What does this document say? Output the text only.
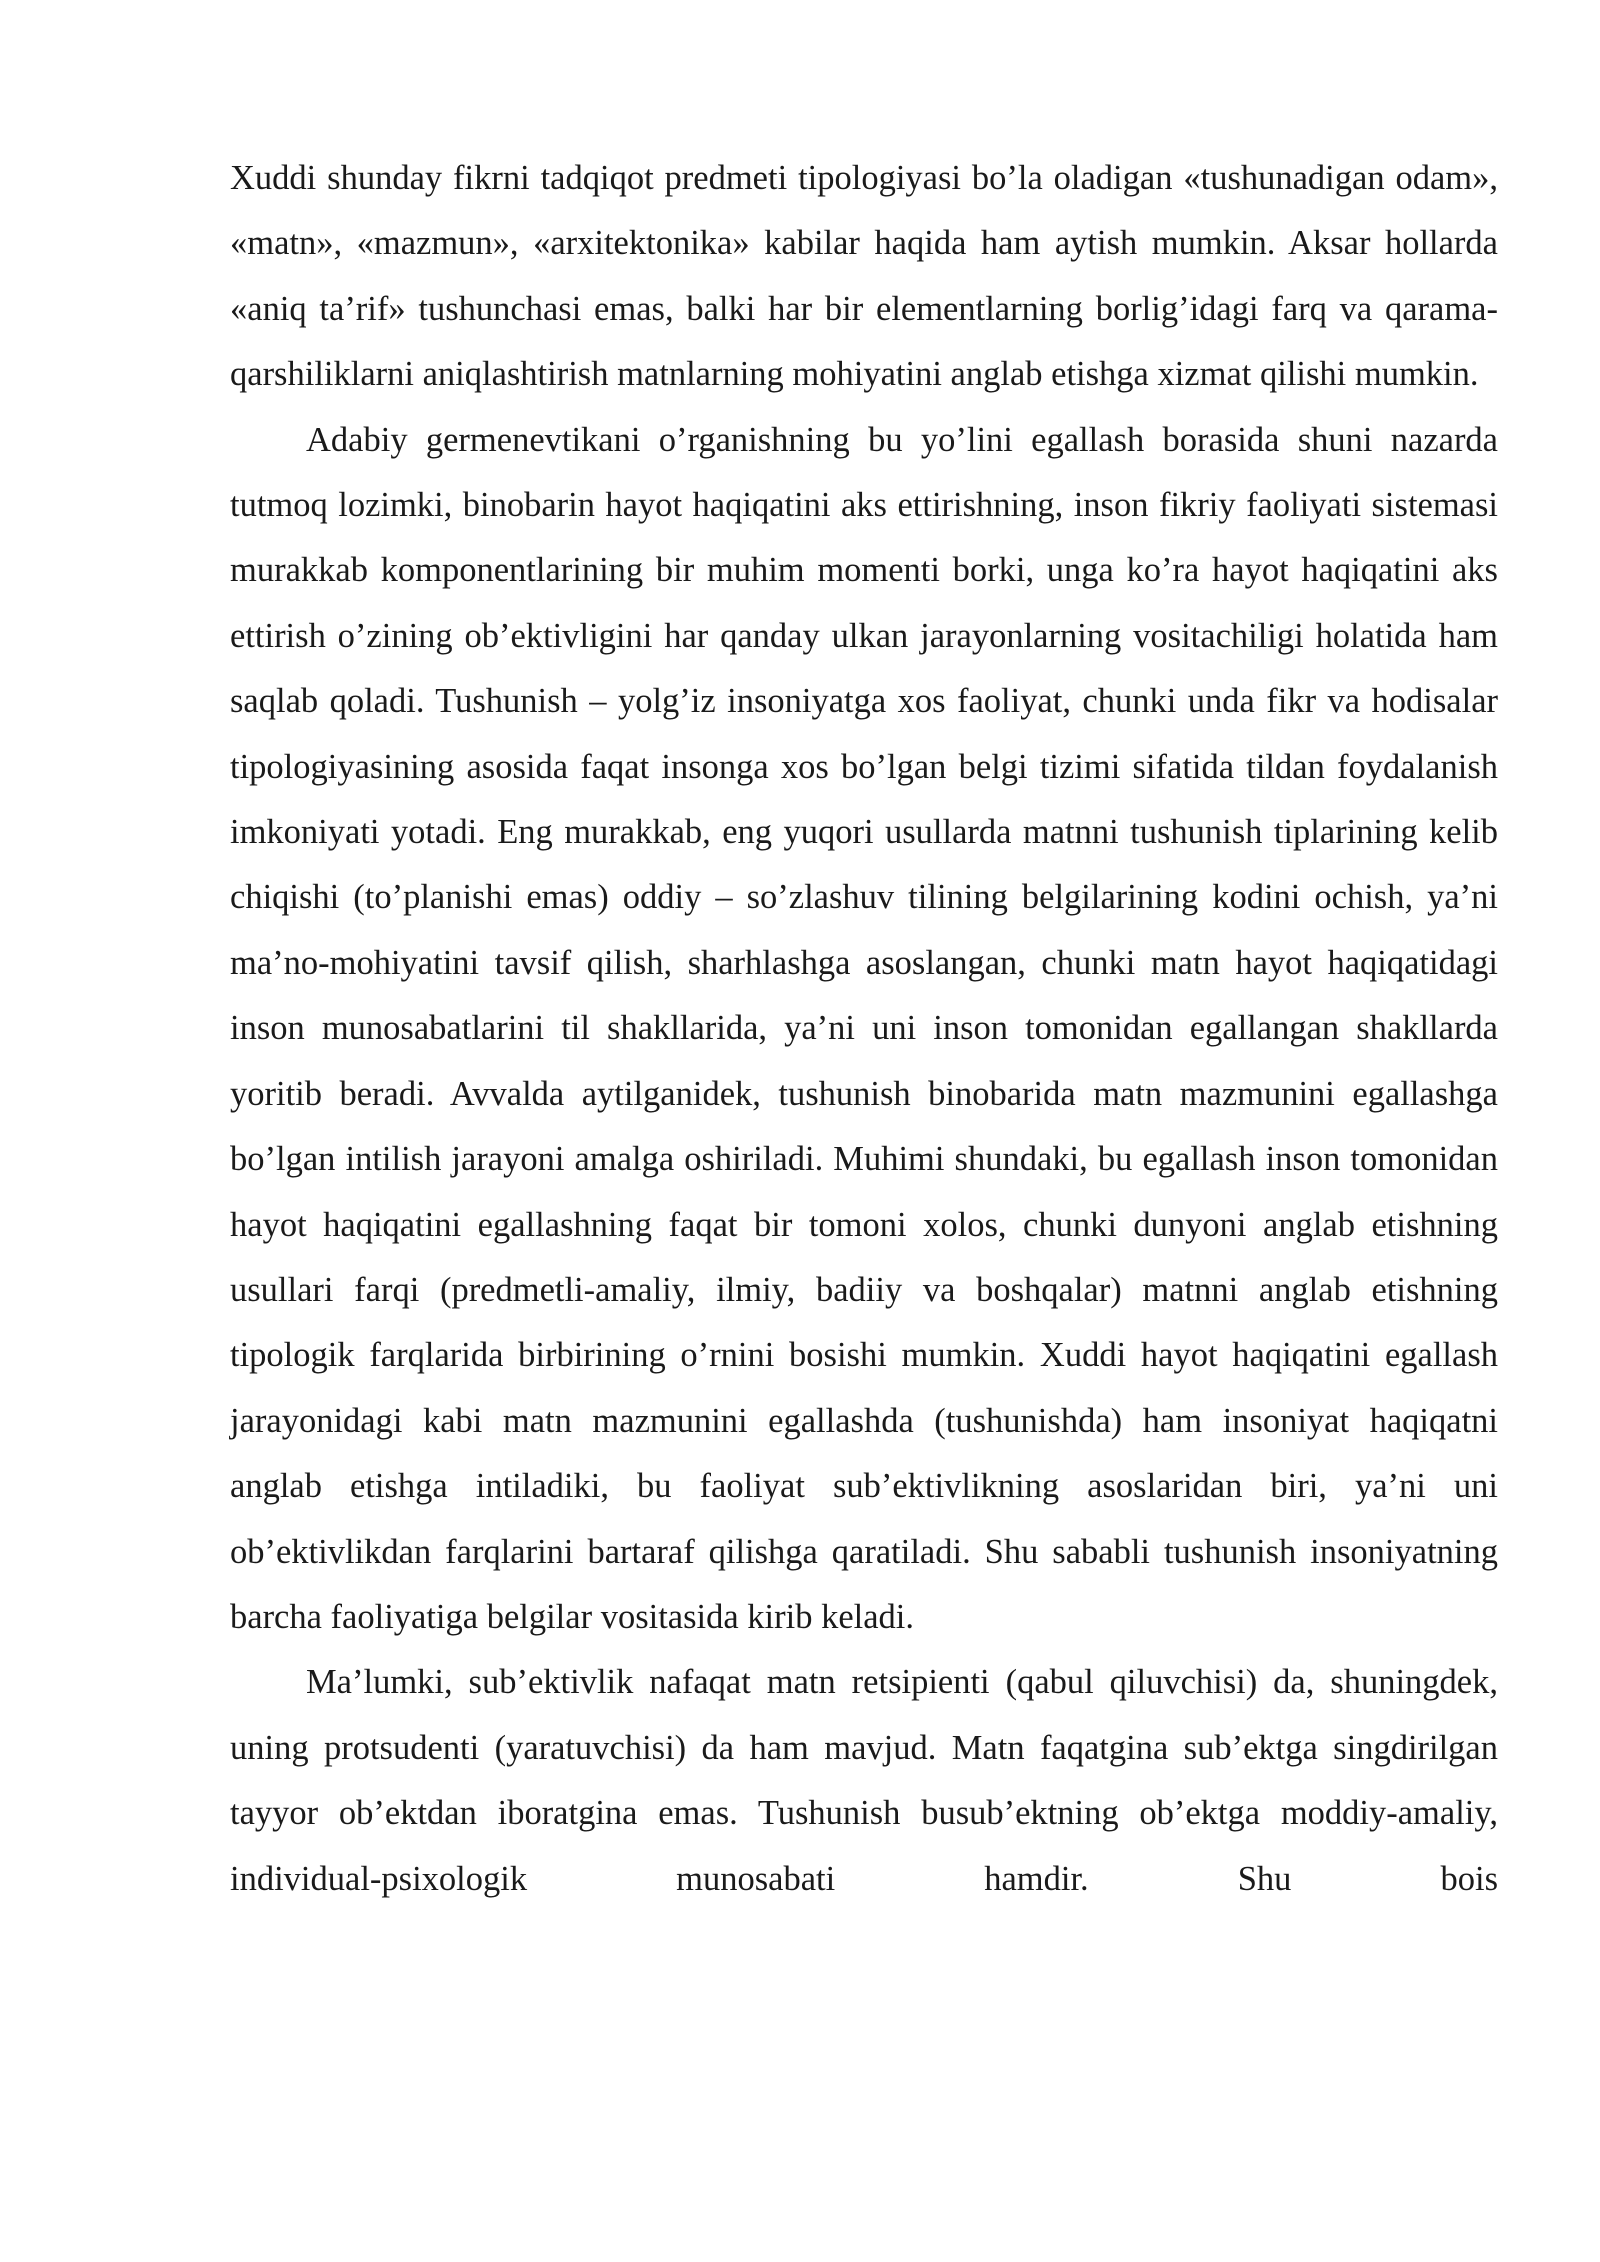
Xuddi shunday fikrni tadqiqot predmeti tipologiyasi bo’la oladigan «tushunadigan odam», «matn», «mazmun», «arxitektonika» kabilar haqida ham aytish mumkin. Aksar hollarda «aniq ta’rif» tushunchasi emas, balki har bir elementlarning borlig’idagi farq va qarama-qarshiliklarni aniqlashtirish matnlarning mohiyatini anglab etishga xizmat qilishi mumkin.

Adabiy germenevtikani o’rganishning bu yo’lini egallash borasida shuni nazarda tutmoq lozimki, binobarin hayot haqiqatini aks ettirishning, inson fikriy faoliyati sistemasi murakkab komponentlarining bir muhim momenti borki, unga ko’ra hayot haqiqatini aks ettirish o’zining ob’ektivligini har qanday ulkan jarayonlarning vositachiligi holatida ham saqlab qoladi. Tushunish – yolg’iz insoniyatga xos faoliyat, chunki unda fikr va hodisalar tipologiyasining asosida faqat insonga xos bo’lgan belgi tizimi sifatida tildan foydalanish imkoniyati yotadi. Eng murakkab, eng yuqori usullarda matnni tushunish tiplarining kelib chiqishi (to’planishi emas) oddiy – so’zlashuv tilining belgilarining kodini ochish, ya’ni ma’no-mohiyatini tavsif qilish, sharhlashga asoslangan, chunki matn hayot haqiqatidagi inson munosabatlarini til shakllarida, ya’ni uni inson tomonidan egallangan shakllarda yoritib beradi. Avvalda aytilganidek, tushunish binobarida matn mazmunini egallashga bo’lgan intilish jarayoni amalga oshiriladi. Muhimi shundaki, bu egallash inson tomonidan hayot haqiqatini egallashning faqat bir tomoni xolos, chunki dunyoni anglab etishning usullari farqi (predmetli-amaliy, ilmiy, badiiy va boshqalar) matnni anglab etishning tipologik farqlarida birbirining o’rnini bosishi mumkin. Xuddi hayot haqiqatini egallash jarayonidagi kabi matn mazmunini egallashda (tushunishda) ham insoniyat haqiqatni anglab etishga intiladiki, bu faoliyat sub’ektivlikning asoslaridan biri, ya’ni uni ob’ektivlikdan farqlarini bartaraf qilishga qaratiladi. Shu sababli tushunish insoniyatning barcha faoliyatiga belgilar vositasida kirib keladi.

Ma’lumki, sub’ektivlik nafaqat matn retsipienti (qabul qiluvchisi) da, shuningdek, uning protsudenti (yaratuvchisi) da ham mavjud. Matn faqatgina sub’ektga singdirilgan tayyor ob’ektdan iboratgina emas. Tushunish busub’ektning ob’ektga moddiy-amaliy, individual-psixologik munosabati hamdir. Shu bois
